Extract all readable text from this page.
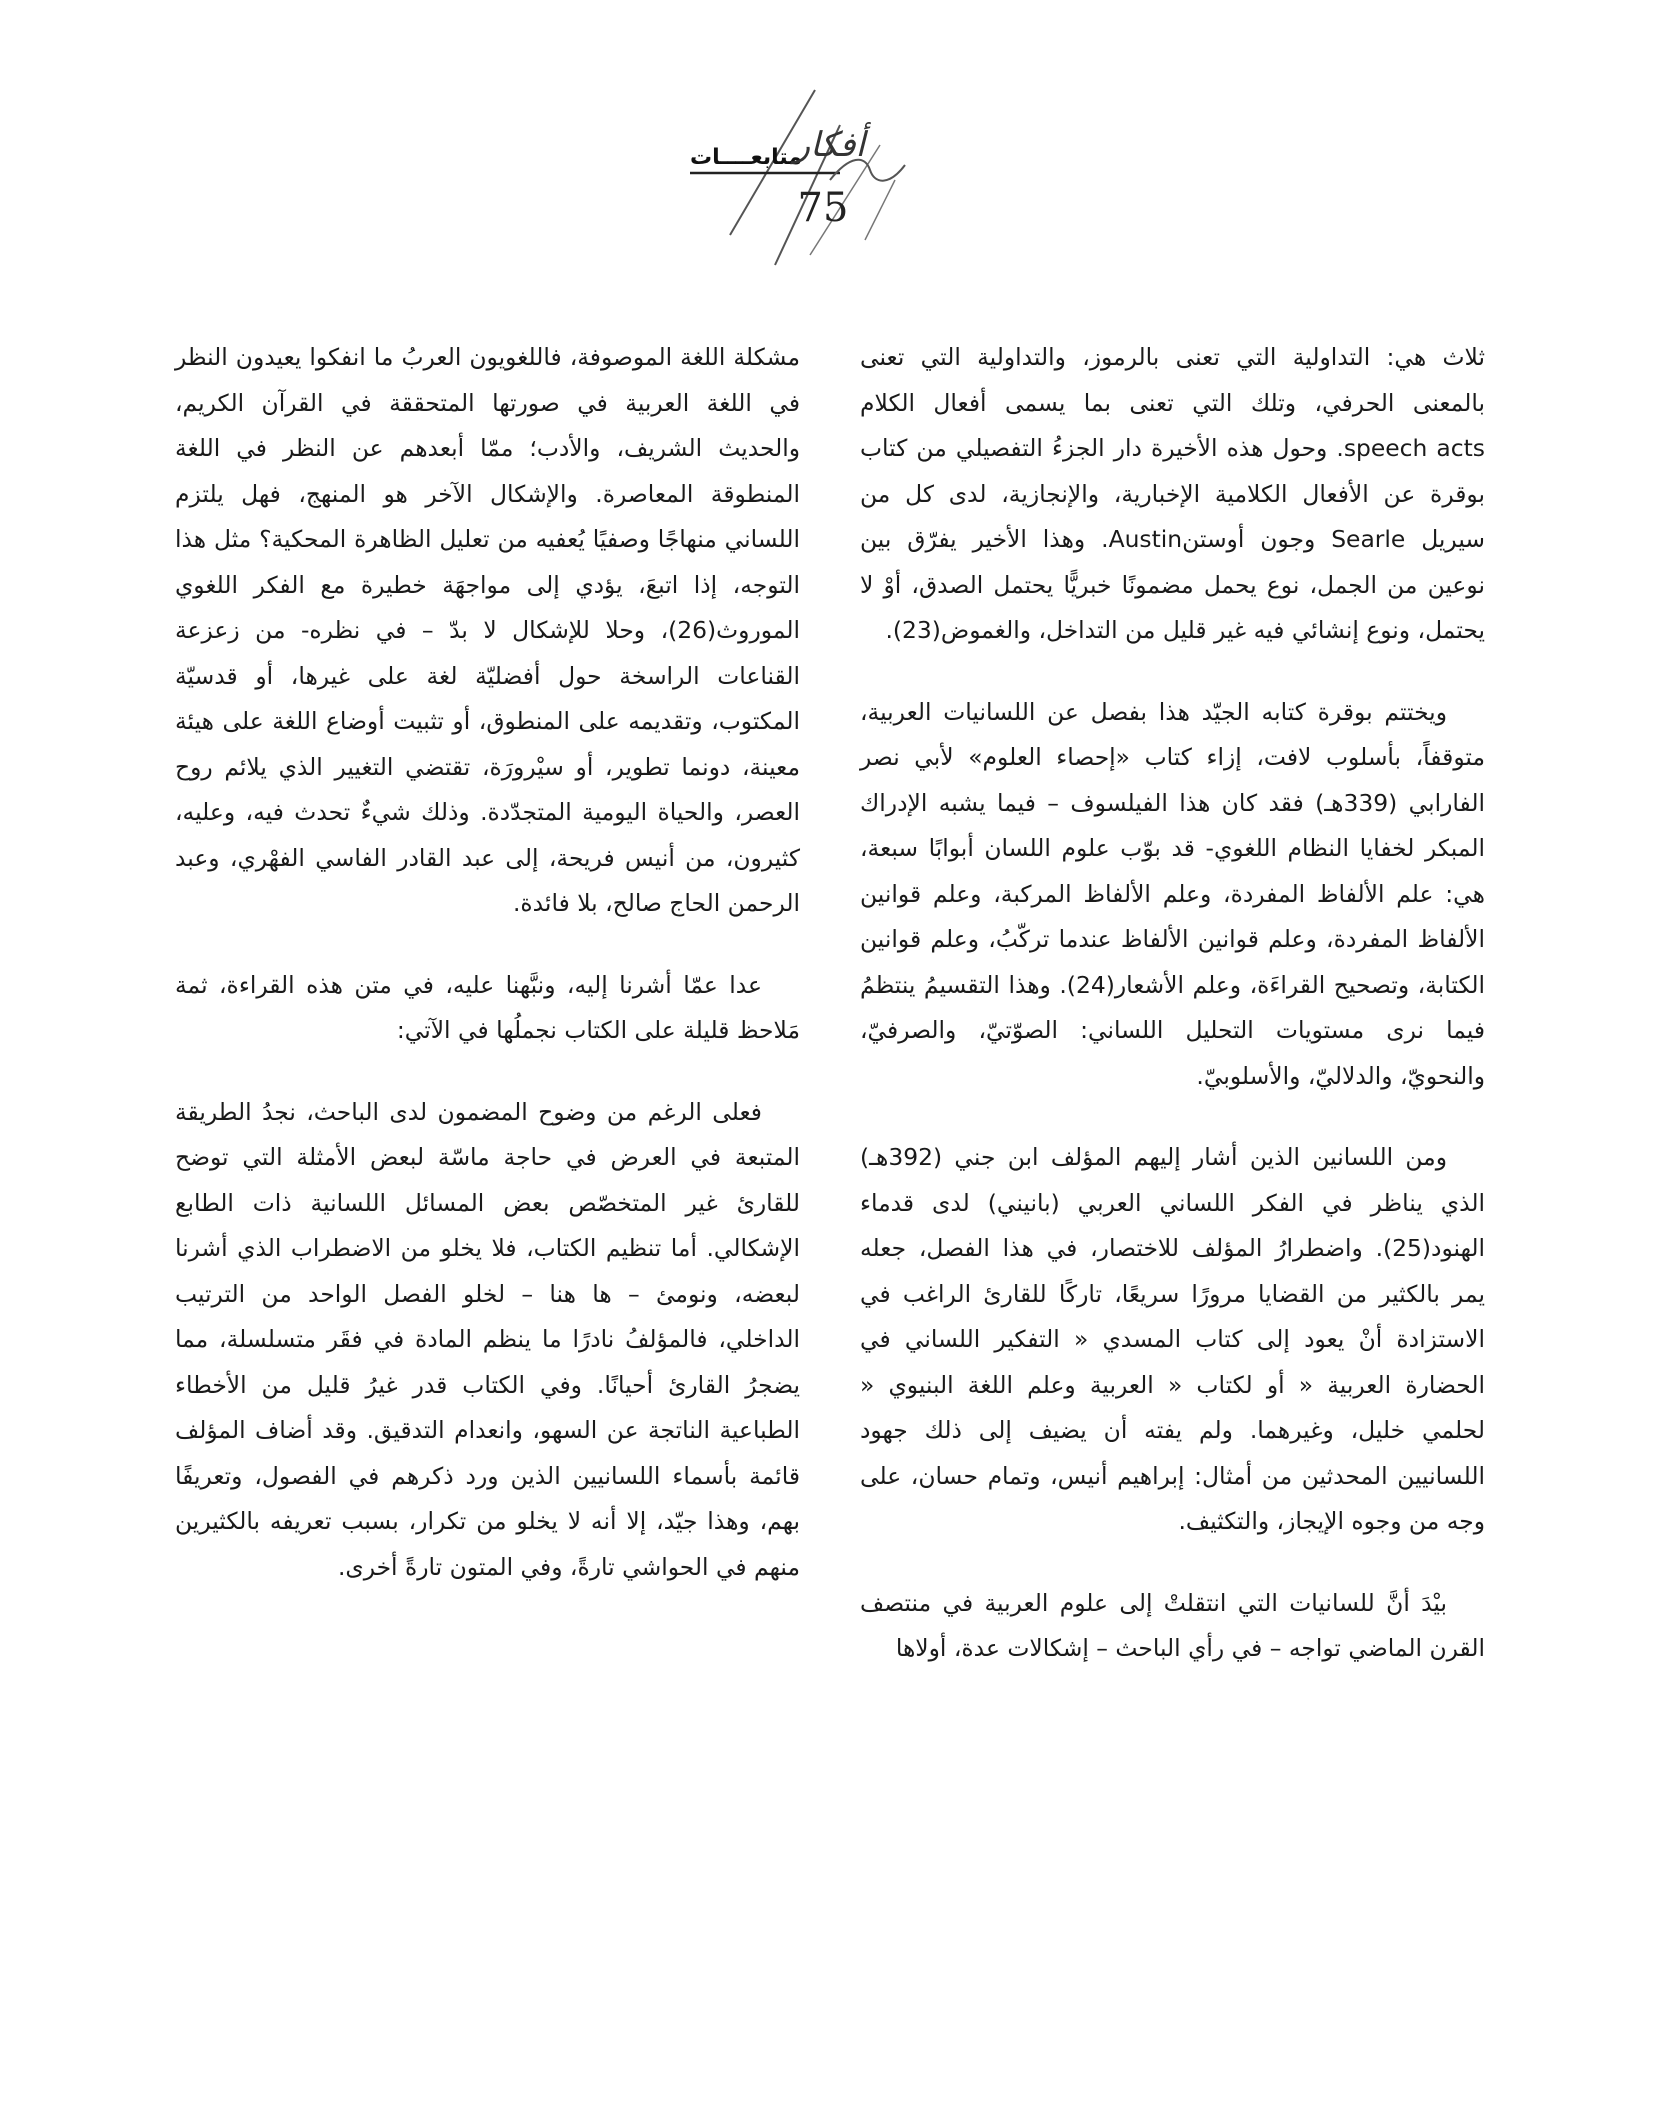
متابعــــات
أفكار
75

ثلاث هي: التداولية التي تعنى بالرموز، والتداولية التي تعنى بالمعنى الحرفي، وتلك التي تعنى بما يسمى أفعال الكلام speech acts. وحول هذه الأخيرة دار الجزءُ التفصيلي من كتاب بوقرة عن الأفعال الكلامية الإخبارية، والإنجازية، لدى كل من سيريل Searle وجون أوستنAustin. وهذا الأخير يفرّق بين نوعين من الجمل، نوع يحمل مضمونًا خبريًّا يحتمل الصدق، أوْ لا يحتمل، ونوع إنشائي فيه غير قليل من التداخل، والغموض(23).

ويختتم بوقرة كتابه الجيّد هذا بفصل عن اللسانيات العربية، متوقفاً، بأسلوب لافت، إزاء كتاب «إحصاء العلوم» لأبي نصر الفارابي (339هـ) فقد كان هذا الفيلسوف – فيما يشبه الإدراك المبكر لخفايا النظام اللغوي- قد بوّب علوم اللسان أبوابًا سبعة، هي: علم الألفاظ المفردة، وعلم الألفاظ المركبة، وعلم قوانين الألفاظ المفردة، وعلم قوانين الألفاظ عندما تركّبُ، وعلم قوانين الكتابة، وتصحيح القراءَة، وعلم الأشعار(24). وهذا التقسيمُ ينتظمُ فيما نرى مستويات التحليل اللساني: الصوّتيّ، والصرفيّ، والنحويّ، والدلاليّ، والأسلوبيّ.

ومن اللسانين الذين أشار إليهم المؤلف ابن جني (392هـ) الذي يناظر في الفكر اللساني العربي (بانيني) لدى قدماء الهنود(25). واضطرارُ المؤلف للاختصار، في هذا الفصل، جعله يمر بالكثير من القضايا مرورًا سريعًا، تاركًا للقارئ الراغب في الاستزادة أنْ يعود إلى كتاب المسدي « التفكير اللساني في الحضارة العربية « أو لكتاب « العربية وعلم اللغة البنيوي « لحلمي خليل، وغيرهما. ولم يفته أن يضيف إلى ذلك جهود اللسانيين المحدثين من أمثال: إبراهيم أنيس، وتمام حسان، على وجه من وجوه الإيجاز، والتكثيف.

بيْدَ أنَّ للسانيات التي انتقلتْ إلى علوم العربية في منتصف القرن الماضي تواجه – في رأي الباحث – إشكالات عدة، أولاها

مشكلة اللغة الموصوفة، فاللغويون العربُ ما انفكوا يعيدون النظر في اللغة العربية في صورتها المتحققة في القرآن الكريم، والحديث الشريف، والأدب؛ ممّا أبعدهم عن النظر في اللغة المنطوقة المعاصرة. والإشكال الآخر هو المنهج، فهل يلتزم اللساني منهاجًا وصفيًا يُعفيه من تعليل الظاهرة المحكية؟ مثل هذا التوجه، إذا اتبعَ، يؤدي إلى مواجهَة خطيرة مع الفكر اللغوي الموروث(26)، وحلا للإشكال لا بدّ – في نظره- من زعزعة القناعات الراسخة حول أفضليّة لغة على غيرها، أو قدسيّة المكتوب، وتقديمه على المنطوق، أو تثبيت أوضاع اللغة على هيئة معينة، دونما تطوير، أو سيْرورَة، تقتضي التغيير الذي يلائم روح العصر، والحياة اليومية المتجدّدة. وذلك شيءٌ تحدث فيه، وعليه، كثيرون، من أنيس فريحة، إلى عبد القادر الفاسي الفهْري، وعبد الرحمن الحاج صالح، بلا فائدة.

عدا عمّا أشرنا إليه، ونبَّهنا عليه، في متن هذه القراءة، ثمة مَلاحظ قليلة على الكتاب نجملُها في الآتي:

فعلى الرغم من وضوح المضمون لدى الباحث، نجدُ الطريقة المتبعة في العرض في حاجة ماسّة لبعض الأمثلة التي توضح للقارئ غير المتخصّص بعض المسائل اللسانية ذات الطابع الإشكالي. أما تنظيم الكتاب، فلا يخلو من الاضطراب الذي أشرنا لبعضه، ونومئ – ها هنا – لخلو الفصل الواحد من الترتيب الداخلي، فالمؤلفُ نادرًا ما ينظم المادة في فقَر متسلسلة، مما يضجرُ القارئ أحيانًا. وفي الكتاب قدر غيرُ قليل من الأخطاء الطباعية الناتجة عن السهو، وانعدام التدقيق. وقد أضاف المؤلف قائمة بأسماء اللسانيين الذين ورد ذكرهم في الفصول، وتعريفًا بهم، وهذا جيّد، إلا أنه لا يخلو من تكرار، بسبب تعريفه بالكثيرين منهم في الحواشي تارةً، وفي المتون تارةً أخرى.
